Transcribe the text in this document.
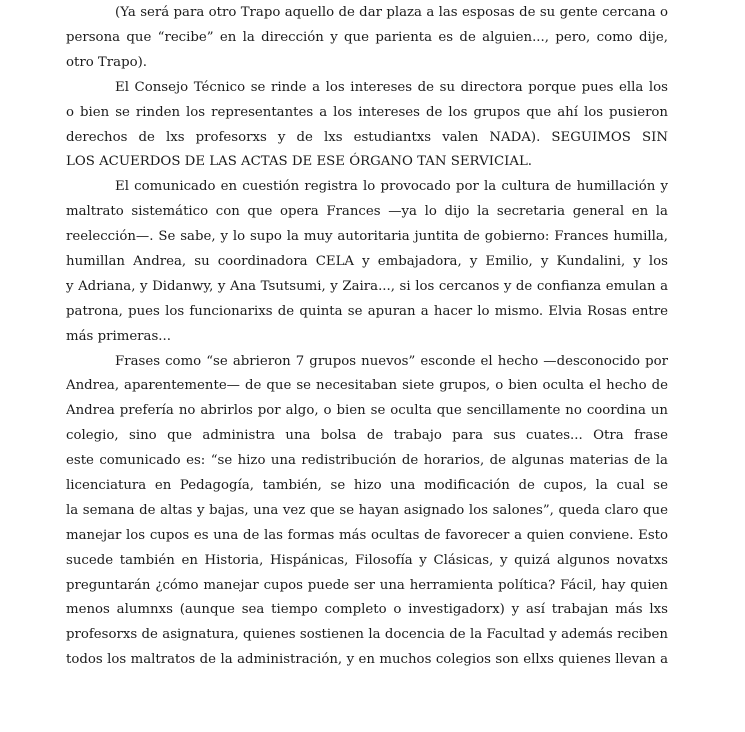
(Ya será para otro Trapo aquello de dar plaza a las esposas de su gente cercana o
persona que “recibe” en la dirección y que parienta es de alguien..., pero, como dije,
otro Trapo).
El Consejo Técnico se rinde a los intereses de su directora porque pues ella los
o bien se rinden los representantes a los intereses de los grupos que ahí los pusieron
derechos de lxs profesorxs y de lxs estudiantxs valen NADA). SEGUIMOS SIN
LOS ACUERDOS DE LAS ACTAS DE ESE ÓRGANO TAN SERVICIAL.
El comunicado en cuestión registra lo provocado por la cultura de humillación y
maltrato sistemático con que opera Frances —ya lo dijo la secretaria general en la
reelección—. Se sabe, y lo supo la muy autoritaria juntita de gobierno: Frances humilla,
humillan Andrea, su coordinadora CELA y embajadora, y Emilio, y Kundalini, y los
y Adriana, y Didanwy, y Ana Tsutsumi, y Zaira..., si los cercanos y de confianza emulan a
patrona, pues los funcionarixs de quinta se apuran a hacer lo mismo. Elvia Rosas entre
más primeras...
Frases como “se abrieron 7 grupos nuevos” esconde el hecho —desconocido por
Andrea, aparentemente— de que se necesitaban siete grupos, o bien oculta el hecho de
Andrea prefería no abrirlos por algo, o bien se oculta que sencillamente no coordina un
colegio, sino que administra una bolsa de trabajo para sus cuates... Otra frase
este comunicado es: “se hizo una redistribución de horarios, de algunas materias de la
licenciatura en Pedagogía, también, se hizo una modificación de cupos, la cual se
la semana de altas y bajas, una vez que se hayan asignado los salones”, queda claro que
manejar los cupos es una de las formas más ocultas de favorecer a quien conviene. Esto
sucede también en Historia, Hispánicas, Filosofía y Clásicas, y quizá algunos novatxs
preguntarán ¿cómo manejar cupos puede ser una herramienta política? Fácil, hay quien
menos alumnxs (aunque sea tiempo completo o investigadorx) y así trabajan más lxs
profesorxs de asignatura, quienes sostienen la docencia de la Facultad y además reciben
todos los maltratos de la administración, y en muchos colegios son ellxs quienes llevan a
